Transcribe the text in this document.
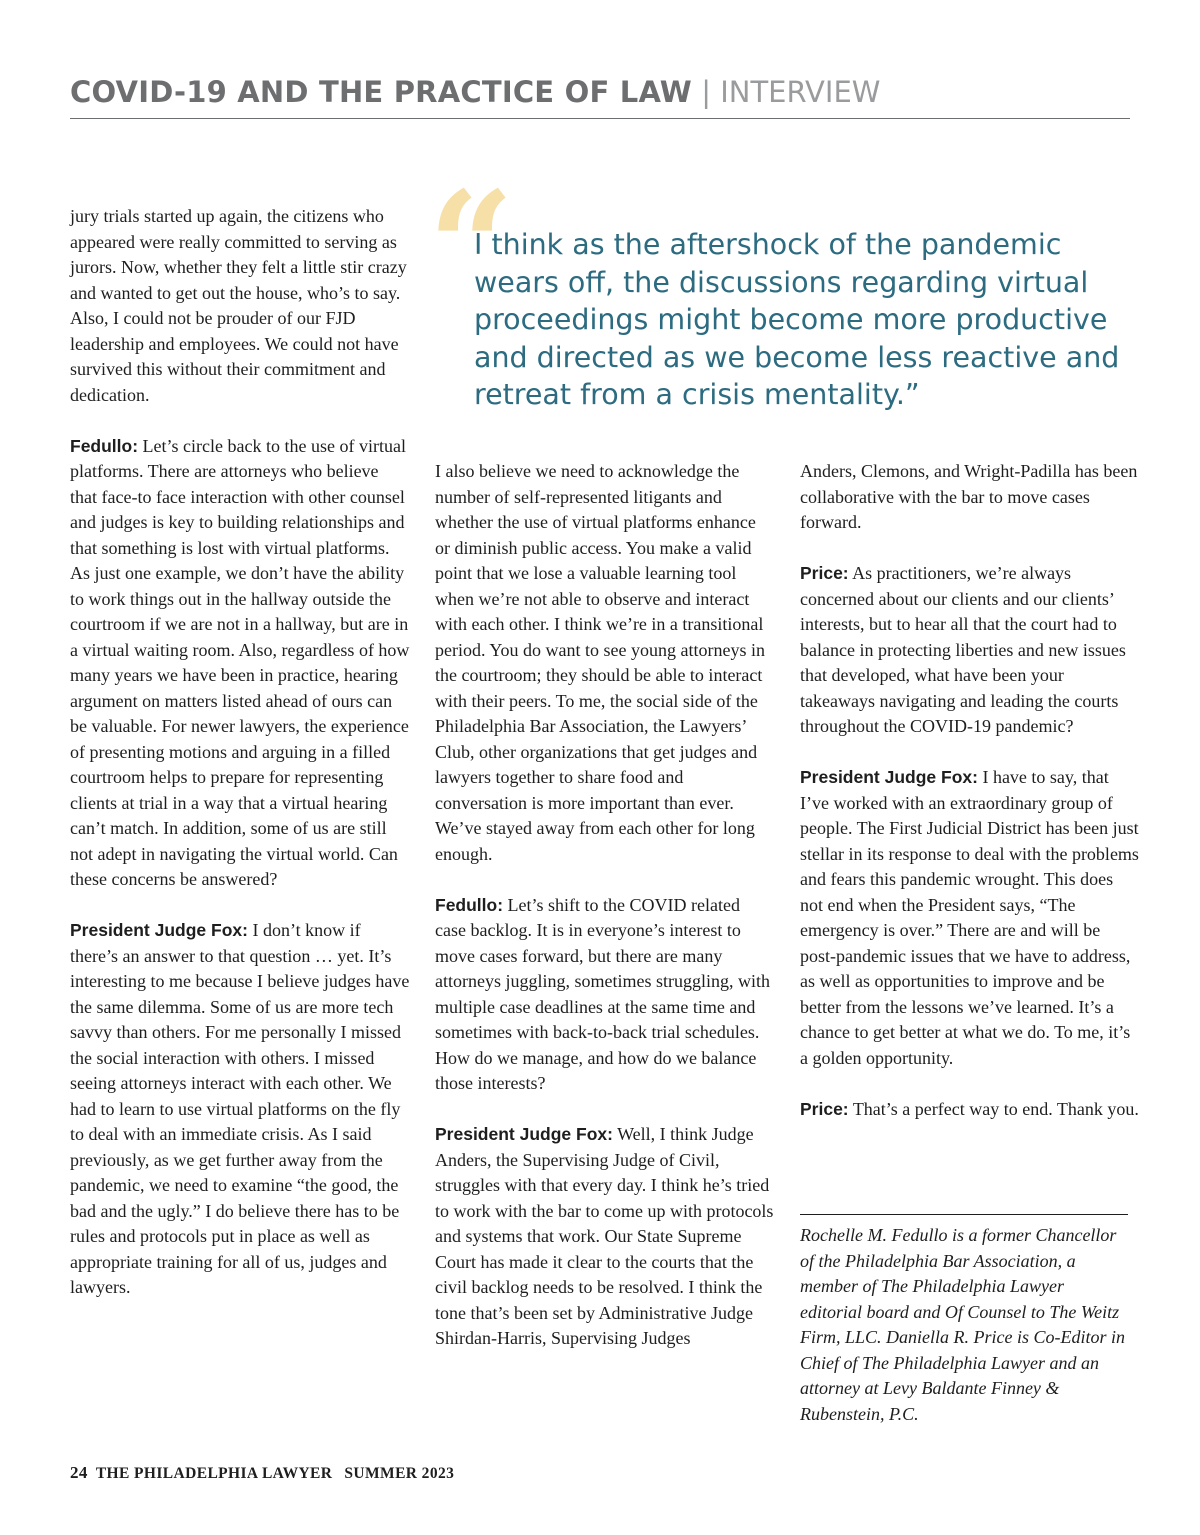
COVID-19 AND THE PRACTICE OF LAW | INTERVIEW
“
I think as the aftershock of the pandemic wears off, the discussions regarding virtual proceedings might become more productive and directed as we become less reactive and retreat from a crisis mentality.”

jury trials started up again, the citizens who appeared were really committed to serving as jurors. Now, whether they felt a little stir crazy and wanted to get out the house, who’s to say. Also, I could not be prouder of our FJD leadership and employees. We could not have survived this without their commitment and dedication.

Fedullo: Let’s circle back to the use of virtual platforms. There are attorneys who believe that face-to face interaction with other counsel and judges is key to building relationships and that something is lost with virtual platforms. As just one example, we don’t have the ability to work things out in the hallway outside the courtroom if we are not in a hallway, but are in a virtual waiting room. Also, regardless of how many years we have been in practice, hearing argument on matters listed ahead of ours can be valuable. For newer lawyers, the experience of presenting motions and arguing in a filled courtroom helps to prepare for representing clients at trial in a way that a virtual hearing can’t match. In addition, some of us are still not adept in navigating the virtual world. Can these concerns be answered?

President Judge Fox: I don’t know if there’s an answer to that question … yet. It’s interesting to me because I believe judges have the same dilemma. Some of us are more tech savvy than others. For me personally I missed the social interaction with others. I missed seeing attorneys interact with each other. We had to learn to use virtual platforms on the fly to deal with an immediate crisis. As I said previously, as we get further away from the pandemic, we need to examine “the good, the bad and the ugly.” I do believe there has to be rules and protocols put in place as well as appropriate training for all of us, judges and lawyers.

I also believe we need to acknowledge the number of self-represented litigants and whether the use of virtual platforms enhance or diminish public access. You make a valid point that we lose a valuable learning tool when we’re not able to observe and interact with each other. I think we’re in a transitional period. You do want to see young attorneys in the courtroom; they should be able to interact with their peers. To me, the social side of the Philadelphia Bar Association, the Lawyers’ Club, other organizations that get judges and lawyers together to share food and conversation is more important than ever. We’ve stayed away from each other for long enough.

Fedullo: Let’s shift to the COVID related case backlog. It is in everyone’s interest to move cases forward, but there are many attorneys juggling, sometimes struggling, with multiple case deadlines at the same time and sometimes with back-to-back trial schedules. How do we manage, and how do we balance those interests?

President Judge Fox: Well, I think Judge Anders, the Supervising Judge of Civil, struggles with that every day. I think he’s tried to work with the bar to come up with protocols and systems that work. Our State Supreme Court has made it clear to the courts that the civil backlog needs to be resolved. I think the tone that’s been set by Administrative Judge Shirdan-Harris, Supervising Judges

Anders, Clemons, and Wright-Padilla has been collaborative with the bar to move cases forward.

Price: As practitioners, we’re always concerned about our clients and our clients’ interests, but to hear all that the court had to balance in protecting liberties and new issues that developed, what have been your takeaways navigating and leading the courts throughout the COVID-19 pandemic?

President Judge Fox: I have to say, that I’ve worked with an extraordinary group of people. The First Judicial District has been just stellar in its response to deal with the problems and fears this pandemic wrought. This does not end when the President says, “The emergency is over.” There are and will be post-pandemic issues that we have to address, as well as opportunities to improve and be better from the lessons we’ve learned. It’s a chance to get better at what we do. To me, it’s a golden opportunity.

Price: That’s a perfect way to end. Thank you.

Rochelle M. Fedullo is a former Chancellor of the Philadelphia Bar Association, a member of The Philadelphia Lawyer editorial board and Of Counsel to The Weitz Firm, LLC. Daniella R. Price is Co-Editor in Chief of The Philadelphia Lawyer and an attorney at Levy Baldante Finney & Rubenstein, P.C.
24 THE PHILADELPHIA LAWYER SUMMER 2023
